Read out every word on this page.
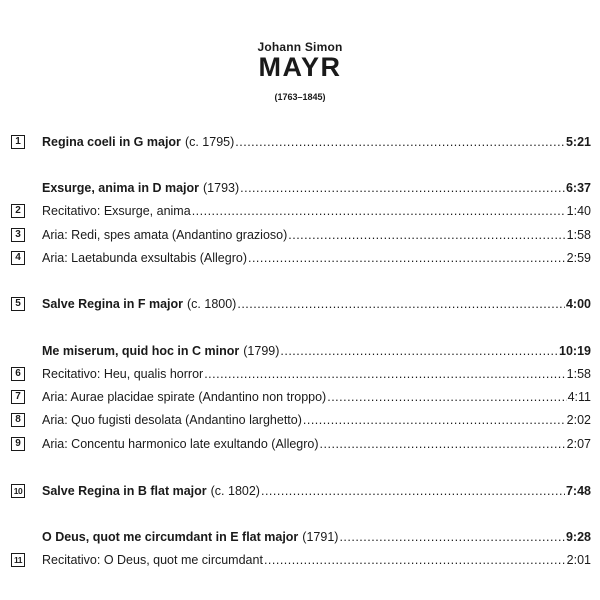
Johann Simon
MAYR
(1763–1845)
1	Regina coeli in G major (c. 1795) .....	5:21
Exsurge, anima in D major (1793) .....	6:37
2	Recitativo: Exsurge, anima .....	1:40
3	Aria: Redi, spes amata (Andantino grazioso) .....	1:58
4	Aria: Laetabunda exsultabis (Allegro) .....	2:59
5	Salve Regina in F major (c. 1800) .....	4:00
Me miserum, quid hoc in C minor (1799) .....	10:19
6	Recitativo: Heu, qualis horror .....	1:58
7	Aria: Aurae placidae spirate (Andantino non troppo) .....	4:11
8	Aria: Quo fugisti desolata (Andantino larghetto) .....	2:02
9	Aria: Concentu harmonico late exultando (Allegro) .....	2:07
10 Salve Regina in B flat major (c. 1802) .....	7:48
O Deus, quot me circumdant in E flat major (1791) .....	9:28
11 Recitativo: O Deus, quot me circumdant .....	2:01
